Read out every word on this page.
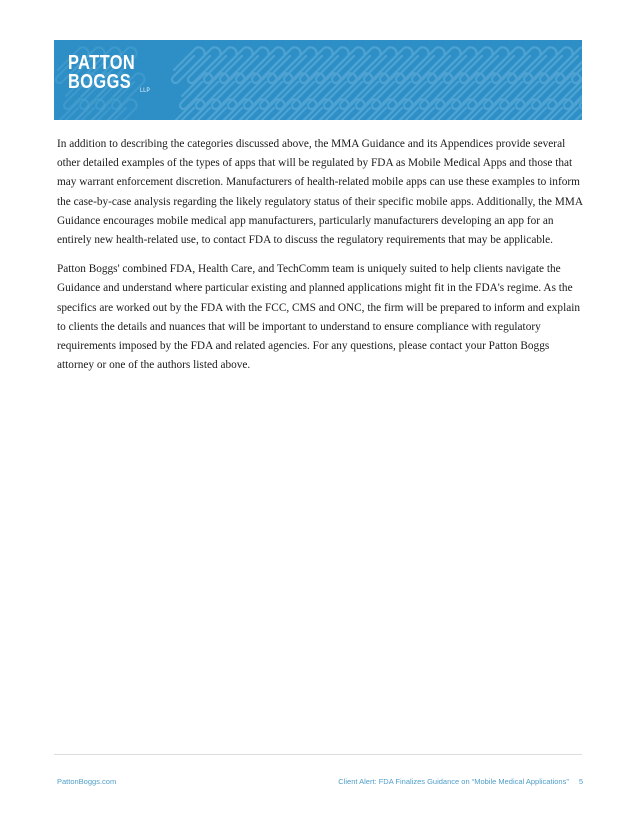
PATTON
BOGGS	LLP

In addition to describing the categories discussed above, the MMA Guidance and its Appendices provide several other detailed examples of the types of apps that will be regulated by FDA as Mobile Medical Apps and those that may warrant enforcement discretion. Manufacturers of health-related mobile apps can use these examples to inform the case-by-case analysis regarding the likely regulatory status of their specific mobile apps. Additionally, the MMA Guidance encourages mobile medical app manufacturers, particularly manufacturers developing an app for an entirely new health-related use, to contact FDA to discuss the regulatory requirements that may be applicable.

Patton Boggs' combined FDA, Health Care, and TechComm team is uniquely suited to help clients navigate the Guidance and understand where particular existing and planned applications might fit in the FDA's regime. As the specifics are worked out by the FDA with the FCC, CMS and ONC, the firm will be prepared to inform and explain to clients the details and nuances that will be important to understand to ensure compliance with regulatory requirements imposed by the FDA and related agencies. For any questions, please contact your Patton Boggs attorney or one of the authors listed above.

PattonBoggs.com	Client Alert: FDA Finalizes Guidance on “Mobile Medical Applications” 5
